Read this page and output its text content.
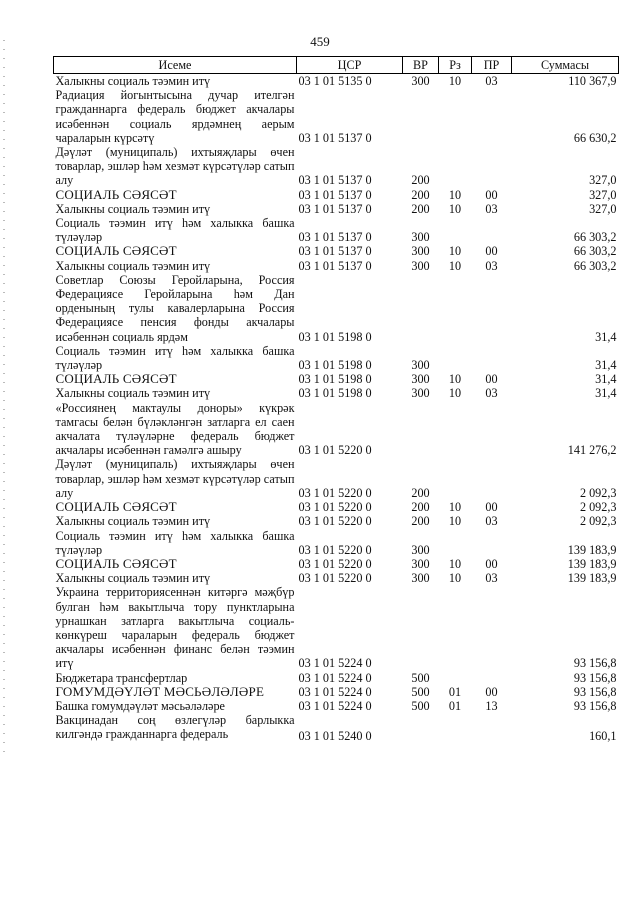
459
Исеме	ЦСР	ВР	Рз	ПР	Суммасы
Халыкны социаль тәэмин итү	03 1 01 5135 0	300	10	03	110 367,9
Радиация йогынтысына дучар ителгән гражданнарга федераль бюджет акчалары исәбеннән социаль ярдәмнең аерым чараларын күрсәтү	03 1 01 5137 0				66 630,2
Дәүләт (муниципаль) ихтыяҗлары өчен товарлар, эшләр һәм хезмәт күрсәтүләр сатып алу	03 1 01 5137 0	200			327,0
СОЦИАЛЬ СӘЯСӘТ	03 1 01 5137 0	200	10	00	327,0
Халыкны социаль тәэмин итү	03 1 01 5137 0	200	10	03	327,0
Социаль тәэмин итү һәм халыкка башка түләүләр	03 1 01 5137 0	300			66 303,2
СОЦИАЛЬ СӘЯСӘТ	03 1 01 5137 0	300	10	00	66 303,2
Халыкны социаль тәэмин итү	03 1 01 5137 0	300	10	03	66 303,2
Советлар Союзы Геройларына, Россия Федерациясе Геройларына һәм Дан орденының тулы кавалерларына Россия Федерациясе пенсия фонды акчалары исәбеннән социаль ярдәм	03 1 01 5198 0				31,4
Социаль тәэмин итү һәм халыкка башка түләүләр	03 1 01 5198 0	300			31,4
СОЦИАЛЬ СӘЯСӘТ	03 1 01 5198 0	300	10	00	31,4
Халыкны социаль тәэмин итү	03 1 01 5198 0	300	10	03	31,4
«Россиянең мактаулы доноры» күкрәк тамгасы белән бүләкләнгән затларга ел саен акчалата түләүләрне федераль бюджет акчалары исәбеннән гамәлгә ашыру	03 1 01 5220 0				141 276,2
Дәүләт (муниципаль) ихтыяҗлары өчен товарлар, эшләр һәм хезмәт күрсәтүләр сатып алу	03 1 01 5220 0	200			2 092,3
СОЦИАЛЬ СӘЯСӘТ	03 1 01 5220 0	200	10	00	2 092,3
Халыкны социаль тәэмин итү	03 1 01 5220 0	200	10	03	2 092,3
Социаль тәэмин итү һәм халыкка башка түләүләр	03 1 01 5220 0	300			139 183,9
СОЦИАЛЬ СӘЯСӘТ	03 1 01 5220 0	300	10	00	139 183,9
Халыкны социаль тәэмин итү	03 1 01 5220 0	300	10	03	139 183,9
Украина территориясеннән китәргә мәҗбүр булган һәм вакытлыча тору пунктларына урнашкан затларга вакытлыча социаль-көнкүреш чараларын федераль бюджет акчалары исәбеннән финанс белән тәэмин итү	03 1 01 5224 0				93 156,8
Бюджетара трансфертлар	03 1 01 5224 0	500			93 156,8
ГОМУМДӘҮЛӘТ МӘСЬӘЛӘЛӘРЕ	03 1 01 5224 0	500	01	00	93 156,8
Башка гомумдәүләт мәсьәләләре	03 1 01 5224 0	500	01	13	93 156,8

Вакцинадан соң өзлегүләр барлыкка килгәндә гражданнарга федераль	03 1 01 5240 0				160,1
